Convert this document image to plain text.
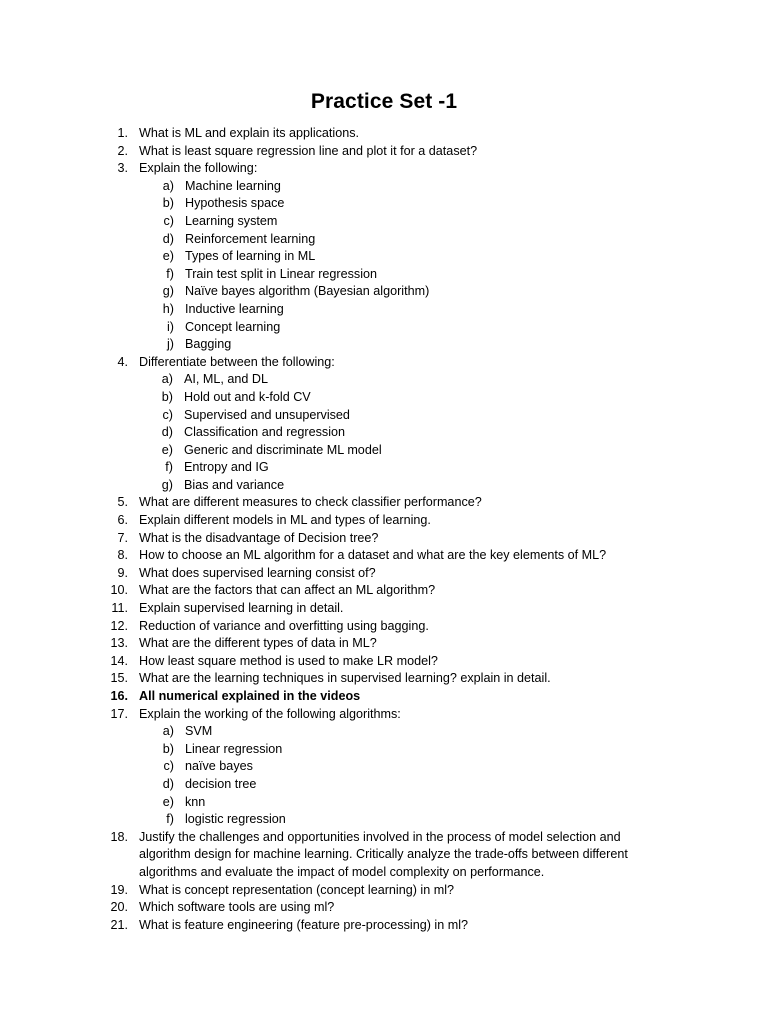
Practice Set -1
1. What is ML and explain its applications.
2. What is least square regression line and plot it for a dataset?
3. Explain the following:
a) Machine learning
b) Hypothesis space
c) Learning system
d) Reinforcement learning
e) Types of learning in ML
f) Train test split in Linear regression
g) Naïve bayes algorithm (Bayesian algorithm)
h) Inductive learning
i) Concept learning
j) Bagging
4. Differentiate between the following:
a) AI, ML, and DL
b) Hold out and k-fold CV
c) Supervised and unsupervised
d) Classification and regression
e) Generic and discriminate ML model
f) Entropy and IG
g) Bias and variance
5. What are different measures to check classifier performance?
6. Explain different models in ML and types of learning.
7. What is the disadvantage of Decision tree?
8. How to choose an ML algorithm for a dataset and what are the key elements of ML?
9. What does supervised learning consist of?
10. What are the factors that can affect an ML algorithm?
11. Explain supervised learning in detail.
12. Reduction of variance and overfitting using bagging.
13. What are the different types of data in ML?
14. How least square method is used to make LR model?
15. What are the learning techniques in supervised learning? explain in detail.
16. All numerical explained in the videos
17. Explain the working of the following algorithms:
a) SVM
b) Linear regression
c) naïve bayes
d) decision tree
e) knn
f) logistic regression
18. Justify the challenges and opportunities involved in the process of model selection and algorithm design for machine learning. Critically analyze the trade-offs between different algorithms and evaluate the impact of model complexity on performance.
19. What is concept representation (concept learning) in ml?
20. Which software tools are using ml?
21. What is feature engineering (feature pre-processing) in ml?
